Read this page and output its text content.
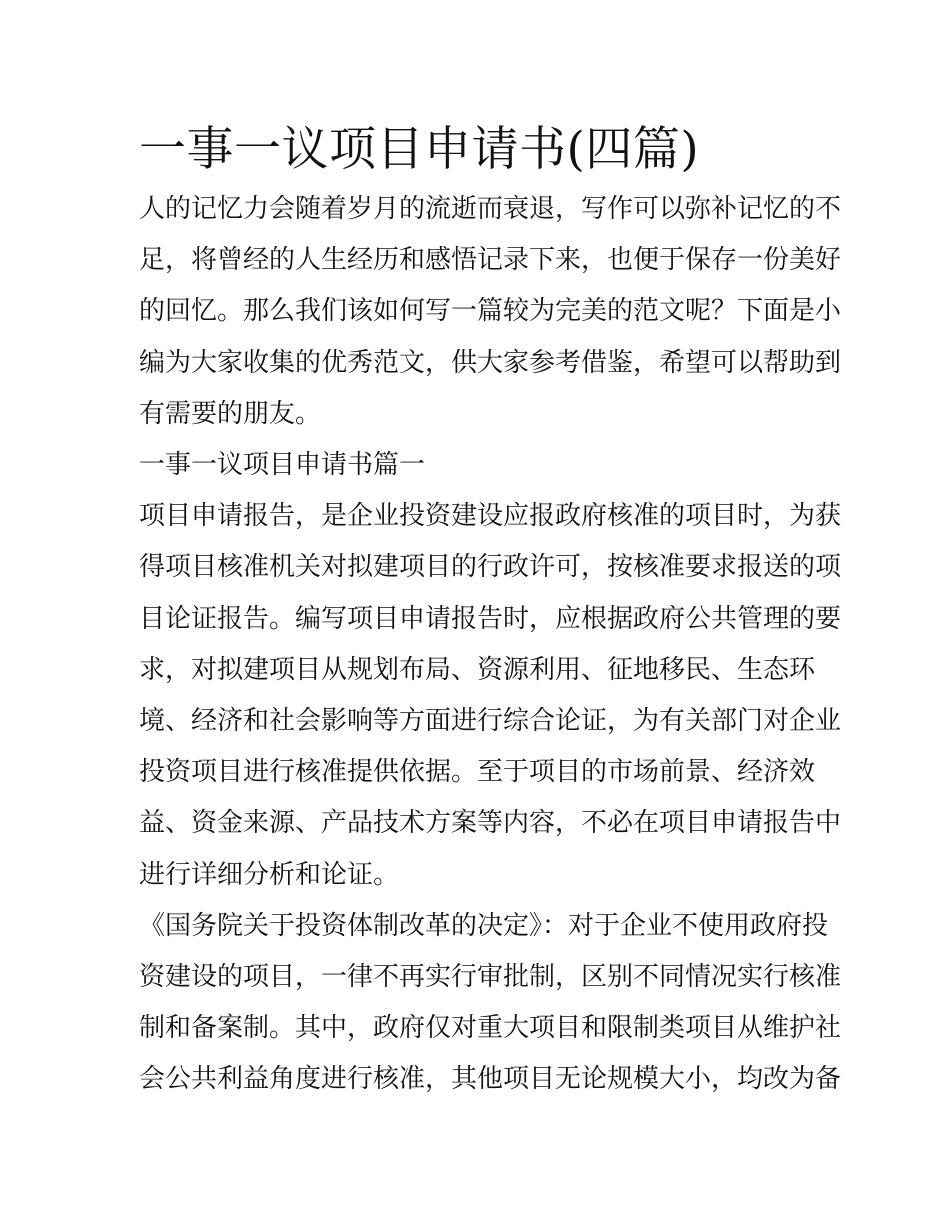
一事一议项目申请书(四篇)

人的记忆力会随着岁月的流逝而衰退，写作可以弥补记忆的不

足，将曾经的人生经历和感悟记录下来，也便于保存一份美好

的回忆。那么我们该如何写一篇较为完美的范文呢？下面是小

编为大家收集的优秀范文，供大家参考借鉴，希望可以帮助到

有需要的朋友。

一事一议项目申请书篇一

项目申请报告，是企业投资建设应报政府核准的项目时，为获

得项目核准机关对拟建项目的行政许可，按核准要求报送的项

目论证报告。编写项目申请报告时，应根据政府公共管理的要

求，对拟建项目从规划布局、资源利用、征地移民、生态环

境、经济和社会影响等方面进行综合论证，为有关部门对企业

投资项目进行核准提供依据。至于项目的市场前景、经济效

益、资金来源、产品技术方案等内容，不必在项目申请报告中

进行详细分析和论证。

《国务院关于投资体制改革的决定》：对于企业不使用政府投

资建设的项目，一律不再实行审批制，区别不同情况实行核准

制和备案制。其中，政府仅对重大项目和限制类项目从维护社

会公共利益角度进行核准，其他项目无论规模大小，均改为备
